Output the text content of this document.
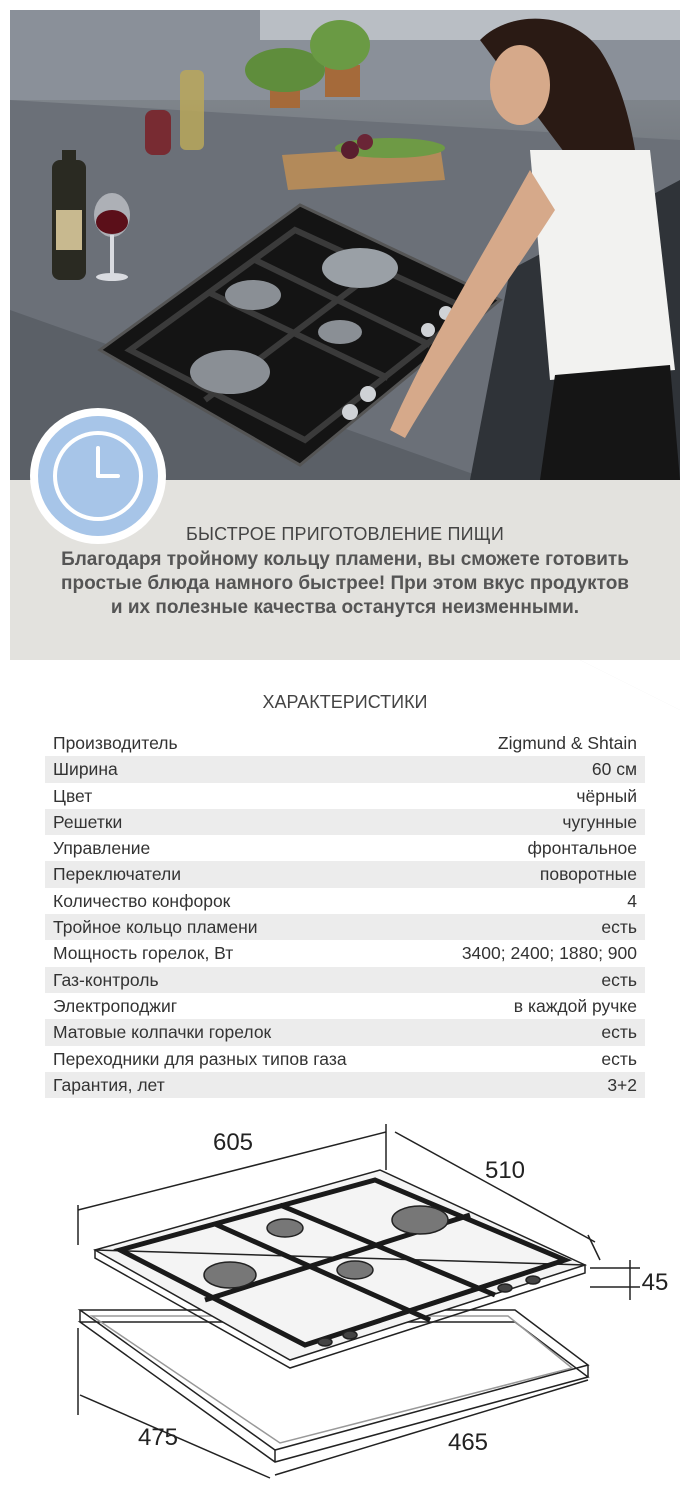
БЫСТРОЕ ПРИГОТОВЛЕНИЕ ПИЩИ
Благодаря тройному кольцу пламени, вы сможете готовить
простые блюда намного быстрее! При этом вкус продуктов
и их полезные качества останутся неизменными.
ХАРАКТЕРИСТИКИ
Производитель	Zigmund & Shtain
Ширина	60 см
Цвет	чёрный
Решетки	чугунные
Управление	фронтальное
Переключатели	поворотные
Количество конфорок	4
Тройное кольцо пламени	есть
Мощность горелок, Вт	3400; 2400; 1880; 900
Газ-контроль	есть
Электроподжиг	в каждой ручке
Матовые колпачки горелок	есть
Переходники для разных типов газа	есть
Гарантия, лет	3+2
605
510
45
475	465
